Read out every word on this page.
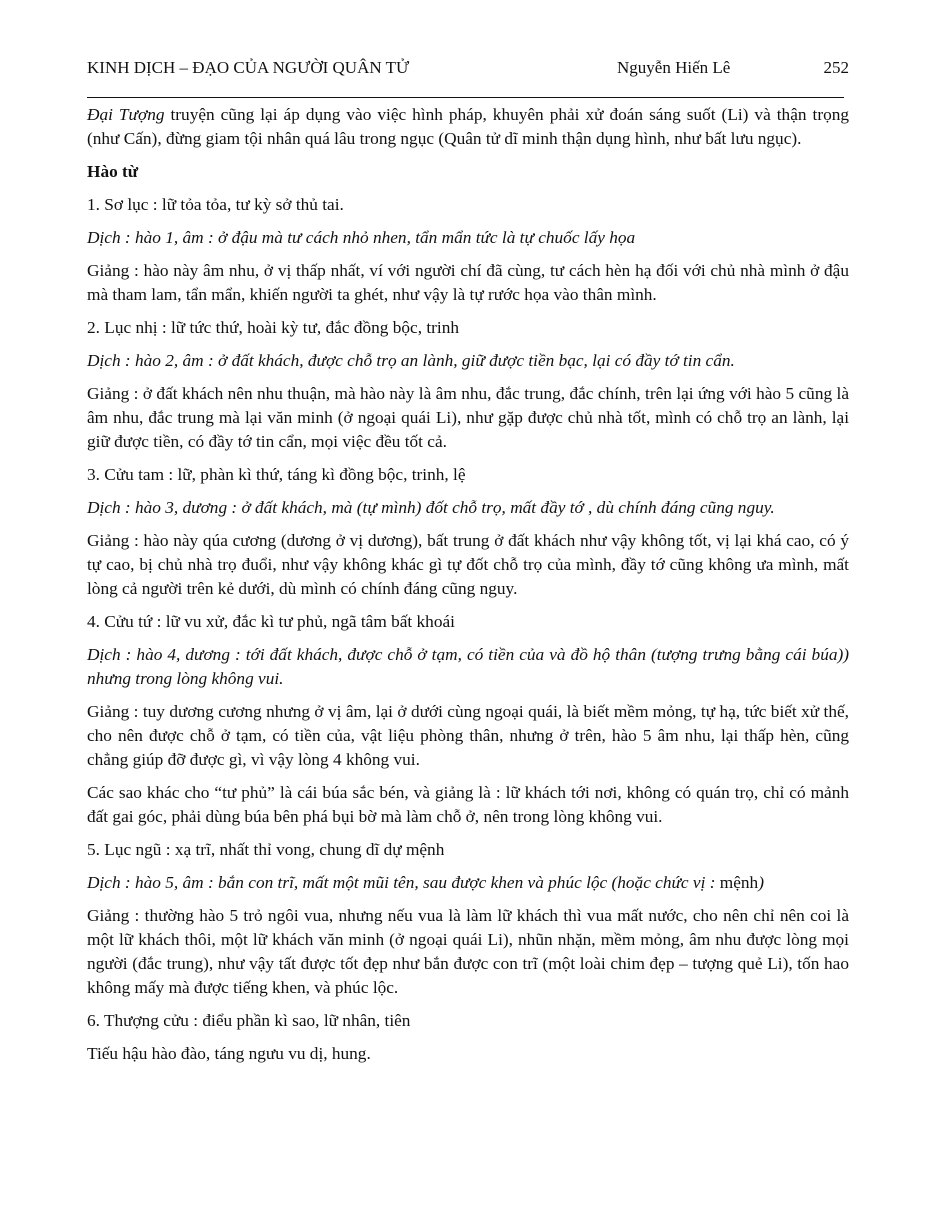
KINH DỊCH – ĐẠO CỦA NGƯỜI QUÂN TỬ	Nguyễn Hiến Lê	252

Đại Tượng truyện cũng lại áp dụng vào việc hình pháp, khuyên phải xử đoán sáng suốt (Li) và thận trọng (như Cấn), đừng giam tội nhân quá lâu trong ngục (Quân tử dĩ minh thận dụng hình, như bất lưu ngục).

Hào từ

1. Sơ lục : lữ tỏa tỏa, tư kỳ sở thủ tai.

Dịch : hào 1, âm : ở đậu mà tư cách nhỏ nhen, tẩn mẩn tức là tự chuốc lấy họa

Giảng : hào này âm nhu, ở vị thấp nhất, ví với người chí đã cùng, tư cách hèn hạ đối với chủ nhà mình ở đậu mà tham lam, tẩn mẩn, khiến người ta ghét, như vậy là tự rước họa vào thân mình.

2. Lục nhị : lữ tức thứ, hoài kỳ tư, đắc đồng bộc, trinh

Dịch : hào 2, âm : ở đất khách, được chỗ trọ an lành, giữ được tiền bạc, lại có đầy tớ tin cẩn.

Giảng : ở đất khách nên nhu thuận, mà hào này là âm nhu, đắc trung, đắc chính, trên lại ứng với hào 5 cũng là âm nhu, đắc trung mà lại văn minh (ở ngoại quái Li), như gặp được chủ nhà tốt, mình có chỗ trọ an lành, lại giữ được tiền, có đầy tớ tin cẩn, mọi việc đều tốt cả.

3. Cửu tam : lữ, phàn kì thứ, táng kì đồng bộc, trinh, lệ

Dịch : hào 3, dương : ở đất khách, mà (tự mình) đốt chỗ trọ, mất đầy tớ , dù chính đáng cũng nguy.

Giảng : hào này qúa cương (dương ở vị dương), bất trung ở đất khách như vậy không tốt, vị lại khá cao, có ý tự cao, bị chủ nhà trọ đuổi, như vậy không khác gì tự đốt chỗ trọ của mình, đầy tớ cũng không ưa mình, mất lòng cả người trên kẻ dưới, dù mình có chính đáng cũng nguy.

4. Cửu tứ : lữ vu xử, đắc kì tư phủ, ngã tâm bất khoái

Dịch : hào 4, dương : tới đất khách, được chỗ ở tạm, có tiền của và đồ hộ thân (tượng trưng bằng cái búa)) nhưng trong lòng không vui.

Giảng : tuy dương cương nhưng ở vị âm, lại ở dưới cùng ngoại quái, là biết mềm mỏng, tự hạ, tức biết xử thế, cho nên được chỗ ở tạm, có tiền của, vật liệu phòng thân, nhưng ở trên, hào 5 âm nhu, lại thấp hèn, cũng chẳng giúp đỡ được gì, vì vậy lòng 4 không vui.

Các sao khác cho “tư phủ” là cái búa sắc bén, và giảng là : lữ khách tới nơi, không có quán trọ, chỉ có mảnh đất gai góc, phải dùng búa bên phá bụi bờ mà làm chỗ ở, nên trong lòng không vui.

5. Lục ngũ : xạ trĩ, nhất thỉ vong, chung dĩ dự mệnh

Dịch : hào 5, âm : bắn con trĩ, mất một mũi tên, sau được khen và phúc lộc (hoặc chức vị : mệnh)

Giảng : thường hào 5 trỏ ngôi vua, nhưng nếu vua là làm lữ khách thì vua mất nước, cho nên chỉ nên coi là một lữ khách thôi, một lữ khách văn minh (ở ngoại quái Li), nhũn nhặn, mềm mỏng, âm nhu được lòng mọi người (đắc trung), như vậy tất được tốt đẹp như bắn được con trĩ (một loài chim đẹp – tượng quẻ Li), tốn hao không mấy mà được tiếng khen, và phúc lộc.

6. Thượng cửu : điểu phần kì sao, lữ nhân, tiên

Tiếu hậu hào đào, táng ngưu vu dị, hung.
